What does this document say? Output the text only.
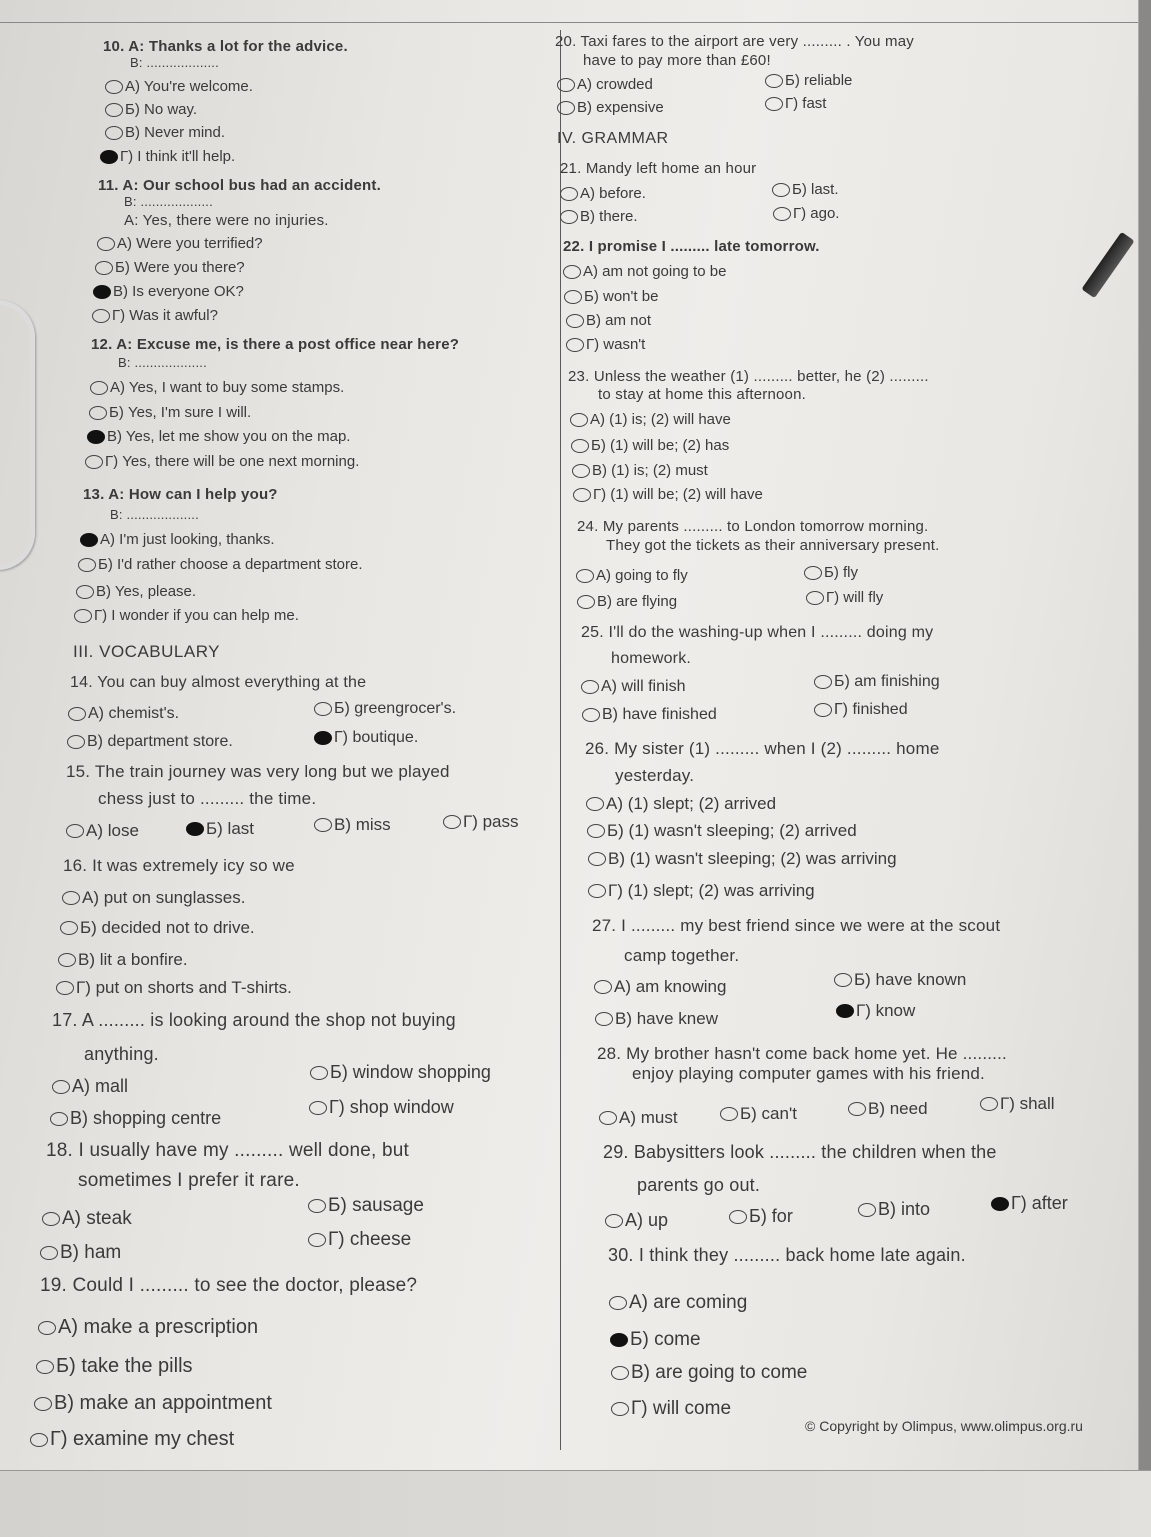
10. A: Thanks a lot for the advice.
B: ...................
A) You're welcome.
Б) No way.
B) Never mind.
Г) I think it'll help.
11. A: Our school bus had an accident.
B: ...................
A: Yes, there were no injuries.
A) Were you terrified?
Б) Were you there?
B) Is everyone OK?
Г) Was it awful?
12. A: Excuse me, is there a post office near here?
B: ...................
A) Yes, I want to buy some stamps.
Б) Yes, I'm sure I will.
B) Yes, let me show you on the map.
Г) Yes, there will be one next morning.
13. A: How can I help you?
B: ...................
A) I'm just looking, thanks.
Б) I'd rather choose a department store.
B) Yes, please.
Г) I wonder if you can help me.
III. VOCABULARY
14. You can buy almost everything at the
A) chemist's.	Б) greengrocer's.
B) department store.	Г) boutique.
15. The train journey was very long but we played
chess just to ......... the time.
A) lose	Б) last	B) miss	Г) pass
16. It was extremely icy so we
A) put on sunglasses.
Б) decided not to drive.
B) lit a bonfire.
Г) put on shorts and T-shirts.
17. A ......... is looking around the shop not buying
anything.
A) mall
Б) window shopping
B) shopping centre
Г) shop window
18. I usually have my ......... well done, but
sometimes I prefer it rare.
A) steak
Б) sausage
B) ham
Г) cheese
19. Could I ......... to see the doctor, please?
A) make a prescription
Б) take the pills
B) make an appointment
Г) examine my chest
20. Taxi fares to the airport are very ......... . You may
have to pay more than £60!
A) crowded	Б) reliable
B) expensive	Г) fast
IV. GRAMMAR
21. Mandy left home an hour
A) before.	Б) last.
B) there.	Г) ago.
22. I promise I ......... late tomorrow.
A) am not going to be
Б) won't be
B) am not
Г) wasn't
23. Unless the weather (1) ......... better, he (2) .........
to stay at home this afternoon.
A) (1) is; (2) will have
Б) (1) will be; (2) has
B) (1) is; (2) must
Г) (1) will be; (2) will have
24. My parents ......... to London tomorrow morning.
They got the tickets as their anniversary present.
A) going to fly	Б) fly
B) are flying	Г) will fly
25. I'll do the washing-up when I ......... doing my
homework.
A) will finish	Б) am finishing
B) have finished	Г) finished
26. My sister (1) ......... when I (2) ......... home
yesterday.
A) (1) slept; (2) arrived
Б) (1) wasn't sleeping; (2) arrived
B) (1) wasn't sleeping; (2) was arriving
Г) (1) slept; (2) was arriving
27. I ......... my best friend since we were at the scout
camp together.
A) am knowing	Б) have known
B) have knew	Г) know
28. My brother hasn't come back home yet. He .........
enjoy playing computer games with his friend.
A) must	Б) can't	B) need	Г) shall
29. Babysitters look ......... the children when the
parents go out.
A) up	Б) for	B) into	Г) after
30. I think they ......... back home late again.
A) are coming
Б) come
B) are going to come
Г) will come
© Copyright by Olimpus, www.olimpus.org.ru
